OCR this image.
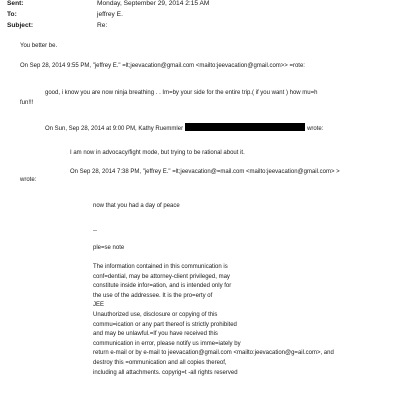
Sent:	Monday, September 29, 2014 2:15 AM
To:	jeffrey E.
Subject:	Re:
You better be.
On Sep 28, 2014 9:55 PM, "jeffrey E." =lt;jeevacation@gmail.com <mailto:jeevacation@gmail.com>> =rote:
good, i know you are now ninja breathing . . Im=by your side for the entire trip.( if you want ) how mu=h
fun!!!
On Sun, Sep 28, 2014 at 9:00 PM, Kathy Ruemmler	wrote:
I am now in advocacy/fight mode, but trying to be rational about it.
On Sep 28, 2014 7:38 PM, "jeffrey E." =lt;jeevacation@=mail.com <mailto:jeevacation@gmail.com> >
wrote:
now that you had a day of peace
--
ple=se note
The information contained in this communication is
conf=dential, may be attorney-client privileged, may
constitute inside infor=ation, and is intended only for
the use of the addressee. It is the pro=erty of
JEE
Unauthorized use, disclosure or copying of this
commu=ication or any part thereof is strictly prohibited
and may be unlawful.=If you have received this
communication in error, please notify us imme=iately by
return e-mail or by e-mail to jeevacation@gmail.com <mailto:jeevacation@g=ail.com>, and
destroy this =ommunication and all copies thereof,
including all attachments. copyrig=t -all rights reserved
